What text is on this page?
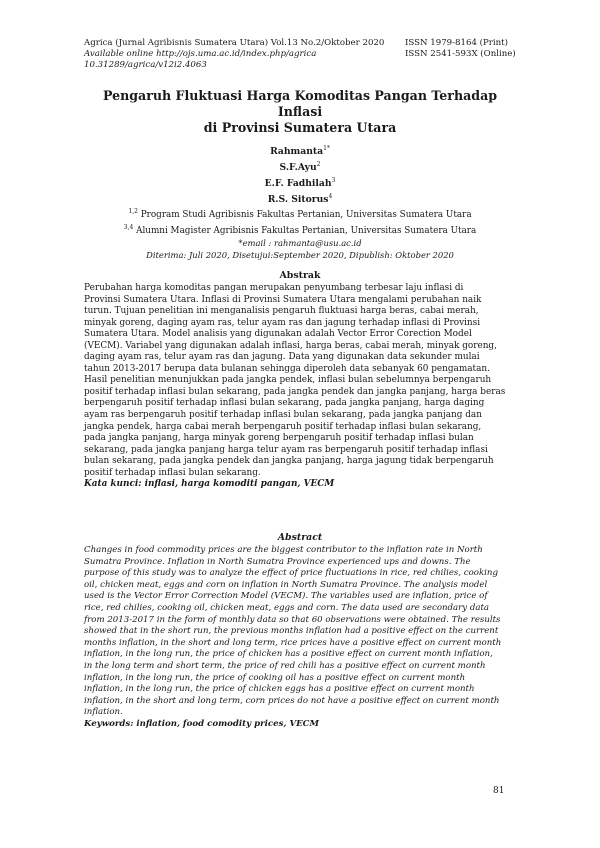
Agrica (Jurnal Agribisnis Sumatera Utara) Vol.13 No.2/Oktober 2020
Available online http://ojs.uma.ac.id/index.php/agrica
10.31289/agrica/v12i2.4063
ISSN 1979-8164 (Print)
ISSN 2541-593X (Online)
Pengaruh Fluktuasi Harga Komoditas Pangan Terhadap Inflasi
di Provinsi Sumatera Utara
Rahmanta$^{1*}$
S.F.Ayu$^2$
E.F. Fadhilah$^3$
R.S. Sitorus$^4$
$^{1,2}$ Program Studi Agribisnis Fakultas Pertanian, Universitas Sumatera Utara
$^{3,4}$ Alumni Magister Agribisnis Fakultas Pertanian, Universitas Sumatera Utara
*email : rahmanta@usu.ac.id
Diterima: Juli 2020, Disetujui:September 2020, Dipublish: Oktober 2020
Abstrak
Perubahan harga komoditas pangan merupakan penyumbang terbesar laju inflasi di
Provinsi Sumatera Utara. Inflasi di Provinsi Sumatera Utara mengalami perubahan naik
turun. Tujuan penelitian ini menganalisis pengaruh fluktuasi harga beras, cabai merah,
minyak goreng, daging ayam ras, telur ayam ras dan jagung terhadap inflasi di Provinsi
Sumatera Utara. Model analisis yang digunakan adalah Vector Error Corection Model
(VECM). Variabel yang digunakan adalah inflasi, harga beras, cabai merah, minyak goreng,
daging ayam ras, telur ayam ras dan jagung. Data yang digunakan data sekunder mulai
tahun 2013-2017 berupa data bulanan sehingga diperoleh data sebanyak 60 pengamatan.
Hasil penelitian menunjukkan pada jangka pendek, inflasi bulan sebelumnya berpengaruh
positif terhadap inflasi bulan sekarang, pada jangka pendek dan jangka panjang, harga beras
berpengaruh positif terhadap inflasi bulan sekarang, pada jangka panjang, harga daging
ayam ras berpengaruh positif terhadap inflasi bulan sekarang, pada jangka panjang dan
jangka pendek, harga cabai merah berpengaruh positif terhadap inflasi bulan sekarang,
pada jangka panjang, harga minyak goreng berpengaruh positif terhadap inflasi bulan
sekarang, pada jangka panjang harga telur ayam ras berpengaruh positif terhadap inflasi
bulan sekarang, pada jangka pendek dan jangka panjang, harga jagung tidak berpengaruh
positif terhadap inflasi bulan sekarang.
Kata kunci: inflasi, harga komoditi pangan, VECM
Abstract
Changes in food commodity prices are the biggest contributor to the inflation rate in North
Sumatra Province. Inflation in North Sumatra Province experienced ups and downs. The
purpose of this study was to analyze the effect of price fluctuations in rice, red chilies, cooking
oil, chicken meat, eggs and corn on inflation in North Sumatra Province. The analysis model
used is the Vector Error Correction Model (VECM). The variables used are inflation, price of
rice, red chilies, cooking oil, chicken meat, eggs and corn. The data used are secondary data
from 2013-2017 in the form of monthly data so that 60 observations were obtained. The results
showed that in the short run, the previous months inflation had a positive effect on the current
months inflation, in the short and long term, rice prices have a positive effect on current month
inflation, in the long run, the price of chicken has a positive effect on current month inflation,
in the long term and short term, the price of red chili has a positive effect on current month
inflation, in the long run, the price of cooking oil has a positive effect on current month
inflation, in the long run, the price of chicken eggs has a positive effect on current month
inflation, in the short and long term, corn prices do not have a positive effect on current month
inflation.
Keywords: inflation, food comodity prices, VECM
81
